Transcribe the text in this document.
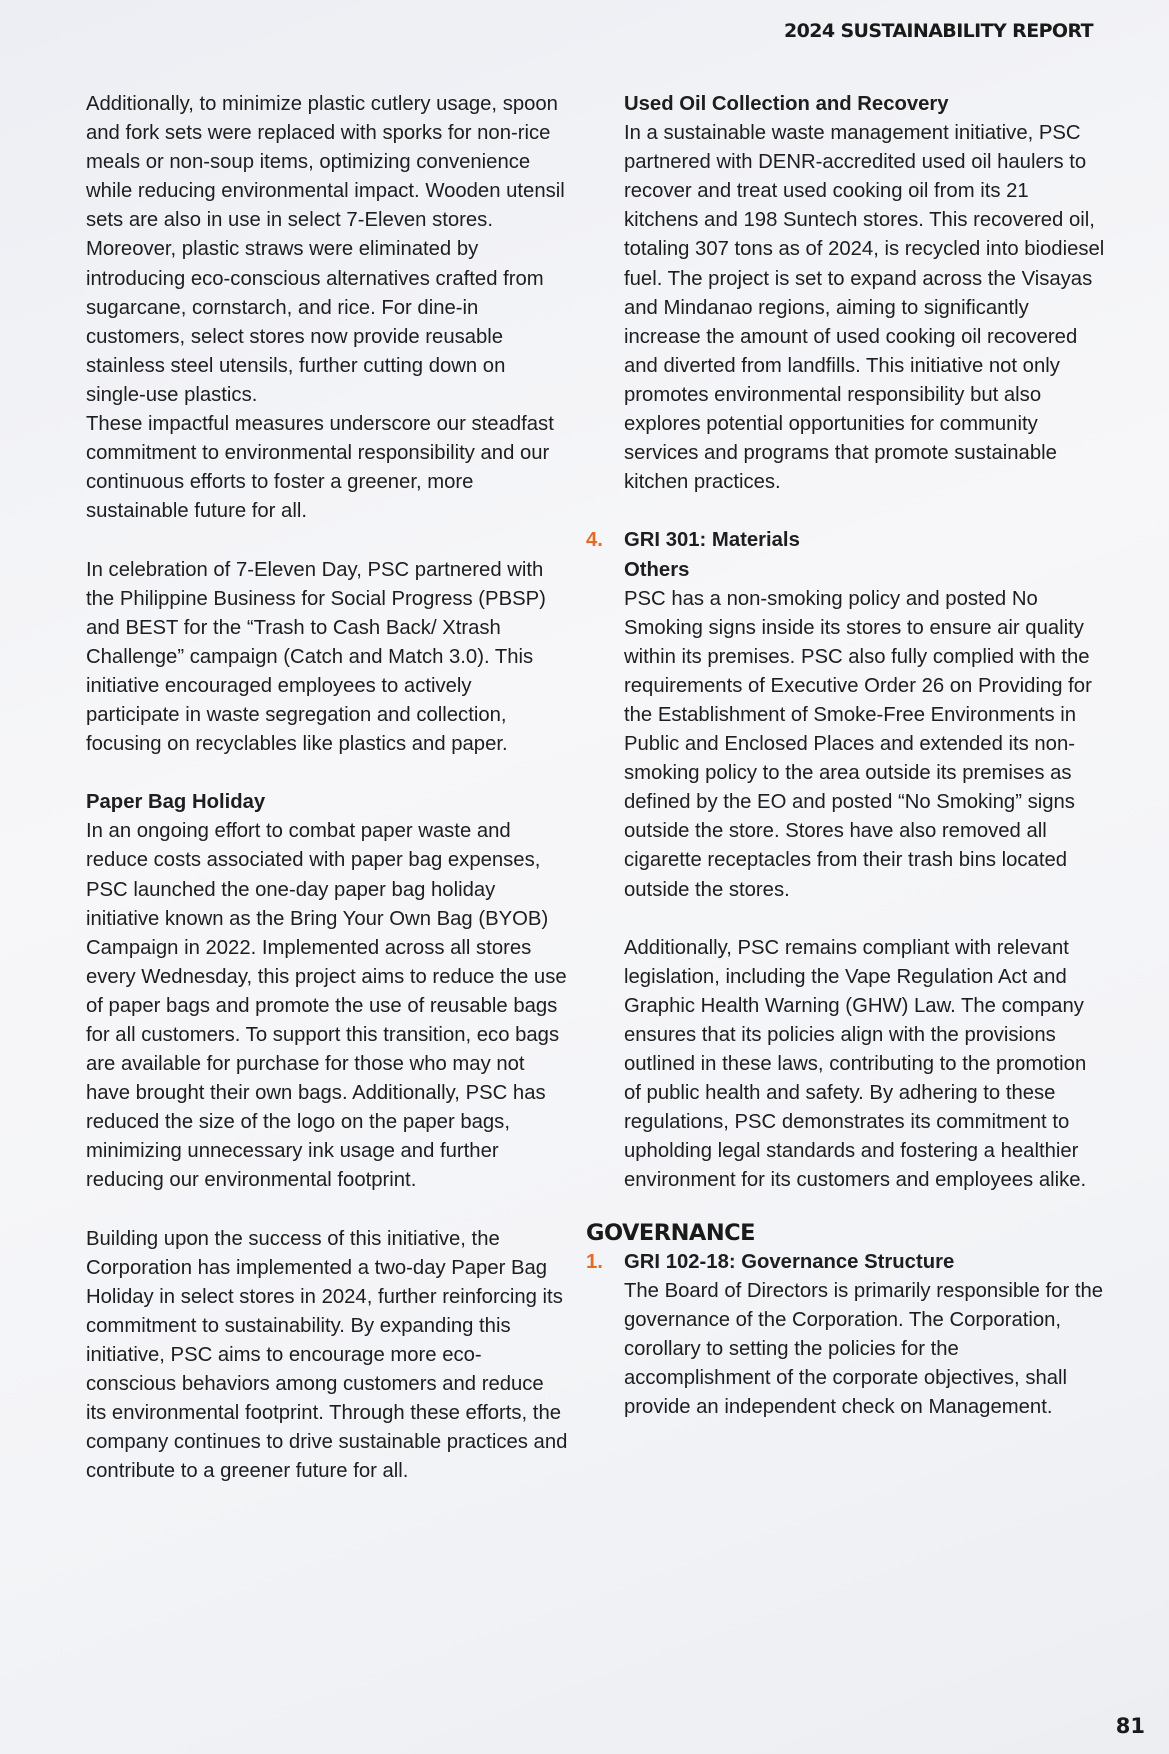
2024 SUSTAINABILITY REPORT

Additionally, to minimize plastic cutlery usage, spoon and fork sets were replaced with sporks for non-rice meals or non-soup items, optimizing convenience while reducing environmental impact. Wooden utensil sets are also in use in select 7-Eleven stores. Moreover, plastic straws were eliminated by introducing eco-conscious alternatives crafted from sugarcane, cornstarch, and rice. For dine-in customers, select stores now provide reusable stainless steel utensils, further cutting down on single-use plastics.

These impactful measures underscore our steadfast commitment to environmental responsibility and our continuous efforts to foster a greener, more sustainable future for all.

In celebration of 7-Eleven Day, PSC partnered with the Philippine Business for Social Progress (PBSP) and BEST for the “Trash to Cash Back/ Xtrash Challenge” campaign (Catch and Match 3.0). This initiative encouraged employees to actively participate in waste segregation and collection, focusing on recyclables like plastics and paper.

Paper Bag Holiday

In an ongoing effort to combat paper waste and reduce costs associated with paper bag expenses, PSC launched the one-day paper bag holiday initiative known as the Bring Your Own Bag (BYOB) Campaign in 2022. Implemented across all stores every Wednesday, this project aims to reduce the use of paper bags and promote the use of reusable bags for all customers. To support this transition, eco bags are available for purchase for those who may not have brought their own bags. Additionally, PSC has reduced the size of the logo on the paper bags, minimizing unnecessary ink usage and further reducing our environmental footprint.

Building upon the success of this initiative, the Corporation has implemented a two-day Paper Bag Holiday in select stores in 2024, further reinforcing its commitment to sustainability. By expanding this initiative, PSC aims to encourage more eco-conscious behaviors among customers and reduce its environmental footprint. Through these efforts, the company continues to drive sustainable practices and contribute to a greener future for all.

Used Oil Collection and Recovery

In a sustainable waste management initiative, PSC partnered with DENR-accredited used oil haulers to recover and treat used cooking oil from its 21 kitchens and 198 Suntech stores. This recovered oil, totaling 307 tons as of 2024, is recycled into biodiesel fuel. The project is set to expand across the Visayas and Mindanao regions, aiming to significantly increase the amount of used cooking oil recovered and diverted from landfills. This initiative not only promotes environmental responsibility but also explores potential opportunities for community services and programs that promote sustainable kitchen practices.

4. GRI 301: Materials

Others

PSC has a non-smoking policy and posted No Smoking signs inside its stores to ensure air quality within its premises. PSC also fully complied with the requirements of Executive Order 26 on Providing for the Establishment of Smoke-Free Environments in Public and Enclosed Places and extended its non-smoking policy to the area outside its premises as defined by the EO and posted “No Smoking” signs outside the store. Stores have also removed all cigarette receptacles from their trash bins located outside the stores.

Additionally, PSC remains compliant with relevant legislation, including the Vape Regulation Act and Graphic Health Warning (GHW) Law. The company ensures that its policies align with the provisions outlined in these laws, contributing to the promotion of public health and safety. By adhering to these regulations, PSC demonstrates its commitment to upholding legal standards and fostering a healthier environment for its customers and employees alike.

GOVERNANCE
1. GRI 102-18: Governance Structure

The Board of Directors is primarily responsible for the governance of the Corporation. The Corporation, corollary to setting the policies for the accomplishment of the corporate objectives, shall provide an independent check on Management.

81
